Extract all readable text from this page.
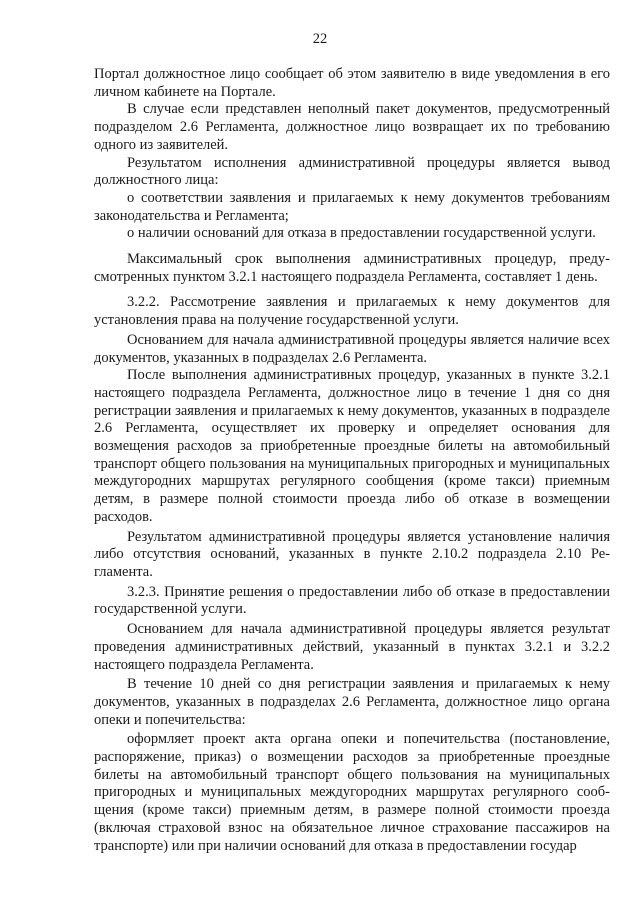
22

Портал должностное лицо сообщает об этом заявителю в виде уведомления в его личном кабинете на Портале.

В случае если представлен неполный пакет документов, предусмотренный подразделом 2.6 Регламента, должностное лицо возвращает их по требованию одного из заявителей.

Результатом исполнения административной процедуры является вывод должностного лица:

о соответствии заявления и прилагаемых к нему документов требованиям законодательства и Регламента;

о наличии оснований для отказа в предоставлении государственной услуги.

Максимальный срок выполнения административных процедур, предусмотренных пунктом 3.2.1 настоящего подраздела Регламента, составляет 1 день.

3.2.2. Рассмотрение заявления и прилагаемых к нему документов для установления права на получение государственной услуги.

Основанием для начала административной процедуры является наличие всех документов, указанных в подразделах 2.6 Регламента.

После выполнения административных процедур, указанных в пункте 3.2.1 настоящего подраздела Регламента, должностное лицо в течение 1 дня со дня регистрации заявления и прилагаемых к нему документов, указанных в подразделе 2.6 Регламента, осуществляет их проверку и определяет основания для возмещения расходов за приобретенные проездные билеты на автомобильный транспорт общего пользования на муниципальных пригородных и муниципальных междугородних маршрутах регулярного сообщения (кроме такси) приемным детям, в размере полной стоимости проезда либо об отказе в возмещении расходов.

Результатом административной процедуры является установление наличия либо отсутствия оснований, указанных в пункте 2.10.2 подраздела 2.10 Регламента.

3.2.3. Принятие решения о предоставлении либо об отказе в предоставлении государственной услуги.

Основанием для начала административной процедуры является результат проведения административных действий, указанный в пунктах 3.2.1 и 3.2.2 настоящего подраздела Регламента.

В течение 10 дней со дня регистрации заявления и прилагаемых к нему документов, указанных в подразделах 2.6 Регламента, должностное лицо органа опеки и попечительства:

оформляет проект акта органа опеки и попечительства (постановление, распоряжение, приказ) о возмещении расходов за приобретенные проездные билеты на автомобильный транспорт общего пользования на муниципальных пригородных и муниципальных междугородних маршрутах регулярного сообщения (кроме такси) приемным детям, в размере полной стоимости проезда (включая страховой взнос на обязательное личное страхование пассажиров на транспорте) или при наличии оснований для отказа в предоставлении государ
